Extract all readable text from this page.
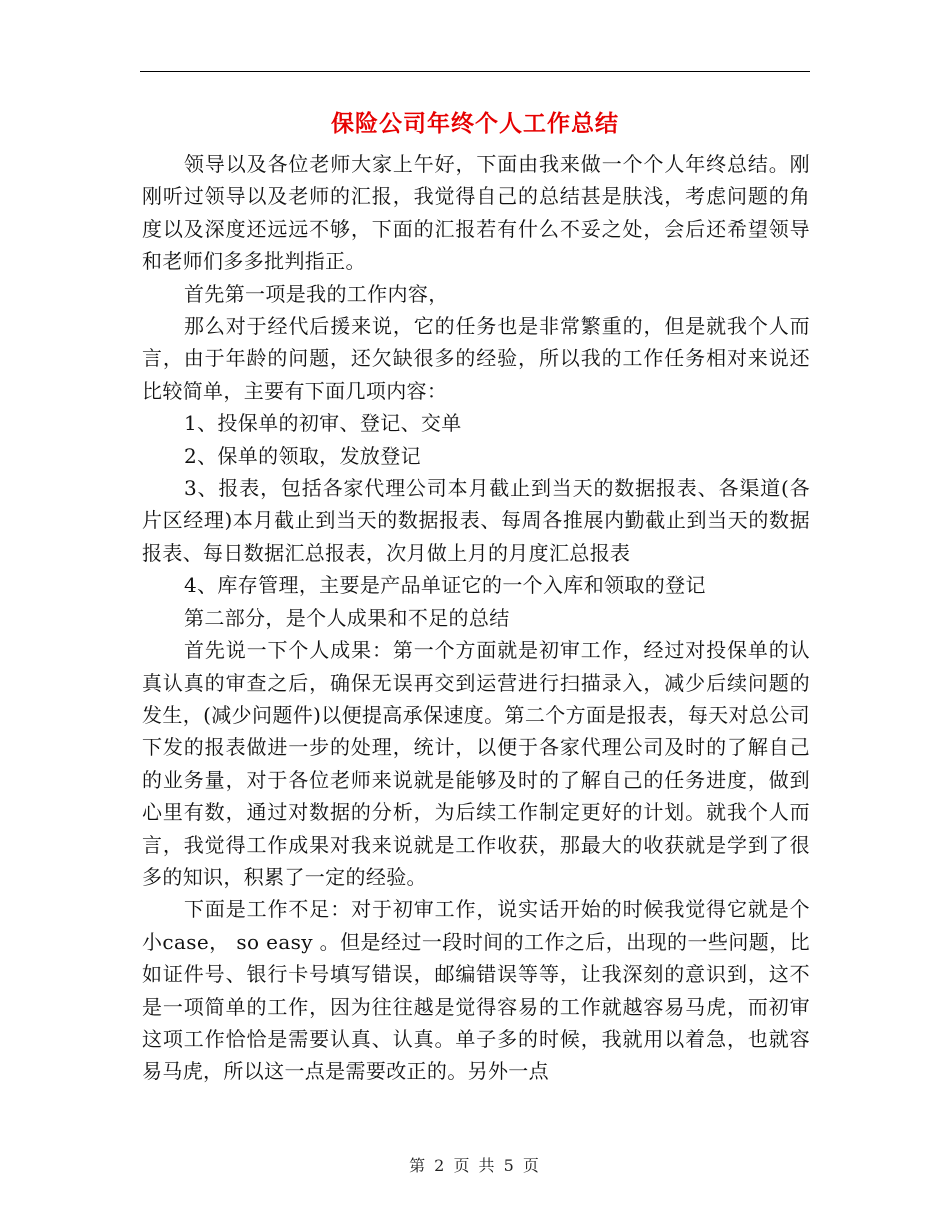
保险公司年终个人工作总结

领导以及各位老师大家上午好，下面由我来做一个个人年终总结。刚刚听过领导以及老师的汇报，我觉得自己的总结甚是肤浅，考虑问题的角度以及深度还远远不够，下面的汇报若有什么不妥之处，会后还希望领导和老师们多多批判指正。

首先第一项是我的工作内容，

那么对于经代后援来说，它的任务也是非常繁重的，但是就我个人而言，由于年龄的问题，还欠缺很多的经验，所以我的工作任务相对来说还比较简单，主要有下面几项内容：

1、投保单的初审、登记、交单

2、保单的领取，发放登记

3、报表，包括各家代理公司本月截止到当天的数据报表、各渠道(各片区经理)本月截止到当天的数据报表、每周各推展内勤截止到当天的数据报表、每日数据汇总报表，次月做上月的月度汇总报表

4、库存管理，主要是产品单证它的一个入库和领取的登记

第二部分，是个人成果和不足的总结

首先说一下个人成果：第一个方面就是初审工作，经过对投保单的认真认真的审查之后，确保无误再交到运营进行扫描录入，减少后续问题的发生，(减少问题件)以便提高承保速度。第二个方面是报表，每天对总公司下发的报表做进一步的处理，统计，以便于各家代理公司及时的了解自己的业务量，对于各位老师来说就是能够及时的了解自己的任务进度，做到心里有数，通过对数据的分析，为后续工作制定更好的计划。就我个人而言，我觉得工作成果对我来说就是工作收获，那最大的收获就是学到了很多的知识，积累了一定的经验。

下面是工作不足：对于初审工作，说实话开始的时候我觉得它就是个小case， so easy 。但是经过一段时间的工作之后，出现的一些问题，比如证件号、银行卡号填写错误，邮编错误等等，让我深刻的意识到，这不是一项简单的工作，因为往往越是觉得容易的工作就越容易马虎，而初审这项工作恰恰是需要认真、认真。单子多的时候，我就用以着急，也就容易马虎，所以这一点是需要改正的。另外一点

第 2 页 共 5 页
